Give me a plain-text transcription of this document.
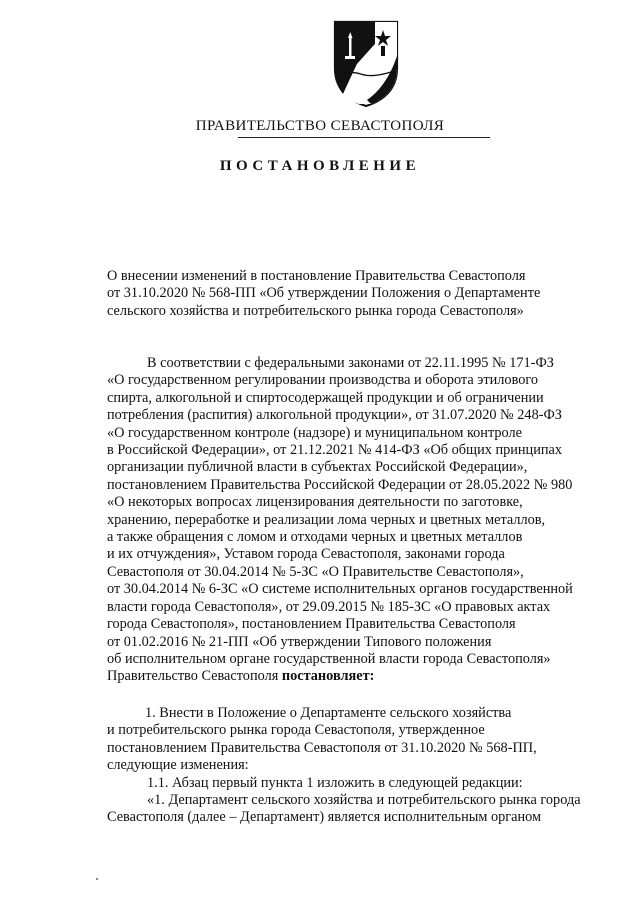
ПРАВИТЕЛЬСТВО СЕВАСТОПОЛЯ
ПОСТАНОВЛЕНИЕ

О внесении изменений в постановление Правительства Севастополя

от 31.10.2020 № 568-ПП «Об утверждении Положения о Департаменте

сельского хозяйства и потребительского рынка города Севастополя»

В соответствии с федеральными законами от 22.11.1995 № 171-ФЗ

«О государственном регулировании производства и оборота этилового

спирта, алкогольной и спиртосодержащей продукции и об ограничении

потребления (распития) алкогольной продукции», от 31.07.2020 № 248-ФЗ

«О государственном контроле (надзоре) и муниципальном контроле

в Российской Федерации», от 21.12.2021 № 414-ФЗ «Об общих принципах

организации публичной власти в субъектах Российской Федерации»,

постановлением Правительства Российской Федерации от 28.05.2022 № 980

«О некоторых вопросах лицензирования деятельности по заготовке,

хранению, переработке и реализации лома черных и цветных металлов,

а также обращения с ломом и отходами черных и цветных металлов

и их отчуждения», Уставом города Севастополя, законами города

Севастополя от 30.04.2014 № 5-ЗС «О Правительстве Севастополя»,

от 30.04.2014 № 6-ЗС «О системе исполнительных органов государственной

власти города Севастополя», от 29.09.2015 № 185-ЗС «О правовых актах

города Севастополя», постановлением Правительства Севастополя

от 01.02.2016 № 21-ПП «Об утверждении Типового положения

об исполнительном органе государственной власти города Севастополя»

Правительство Севастополя постановляет:

1. Внести в Положение о Департаменте сельского хозяйства

и потребительского рынка города Севастополя, утвержденное

постановлением Правительства Севастополя от 31.10.2020 № 568-ПП,

следующие изменения:

1.1. Абзац первый пункта 1 изложить в следующей редакции:

«1. Департамент сельского хозяйства и потребительского рынка города

Севастополя (далее – Департамент) является исполнительным органом
